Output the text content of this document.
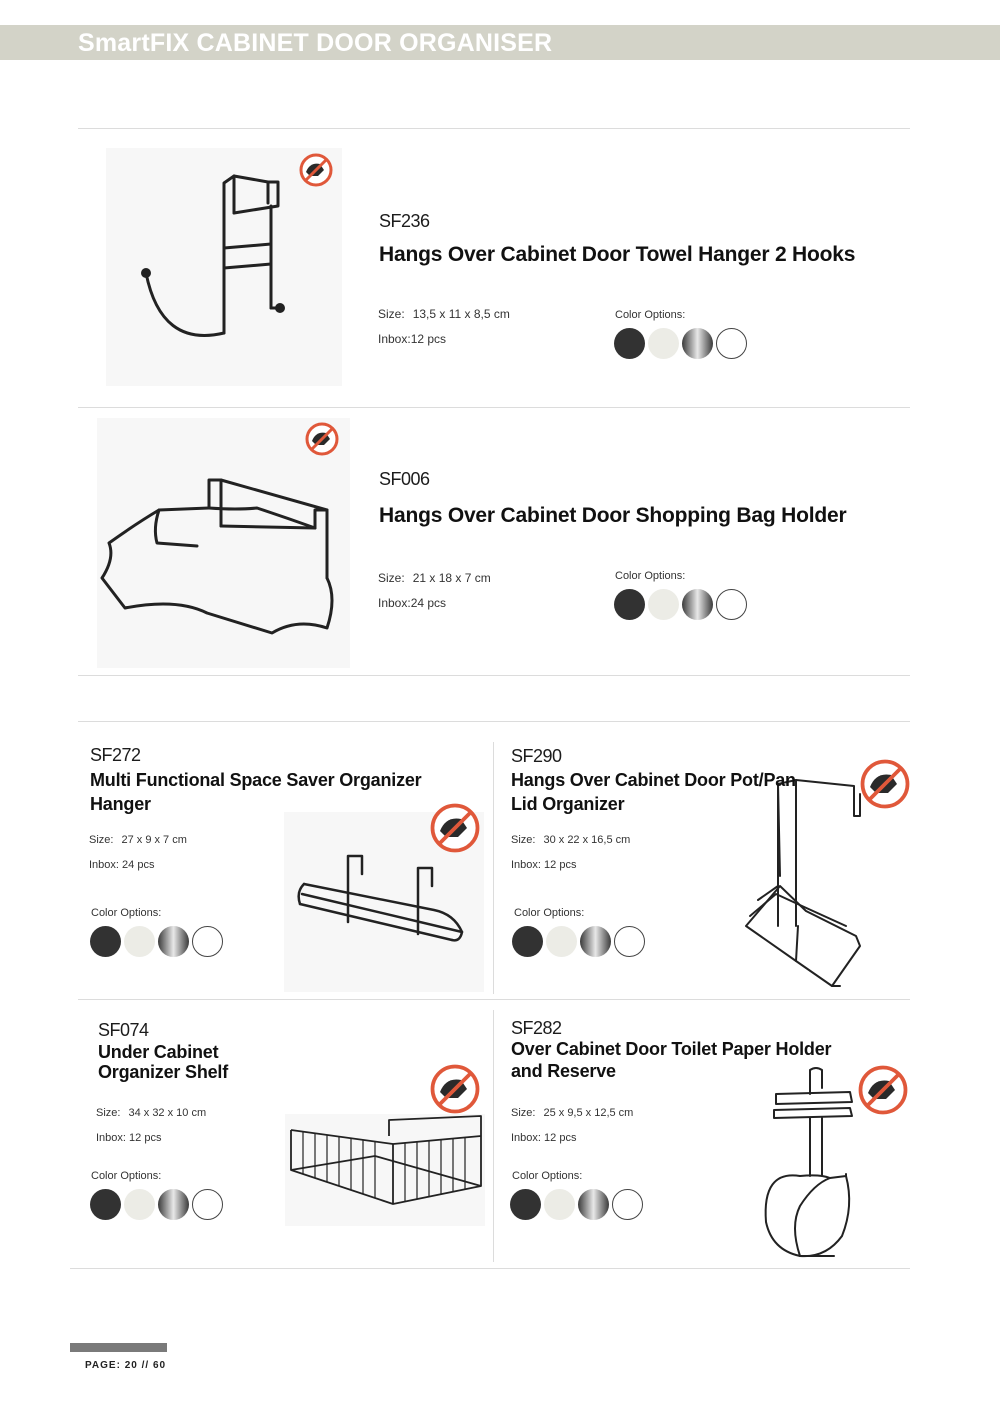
SmartFIX CABINET DOOR ORGANISER
SF236
Hangs Over Cabinet Door Towel Hanger 2 Hooks
Size: 13,5 x 11 x 8,5 cm
Inbox:12 pcs
Color Options:
SF006
Hangs Over Cabinet Door Shopping Bag Holder
Size: 21 x 18 x 7 cm
Inbox:24 pcs
Color Options:
SF272
Multi Functional Space Saver Organizer
Hanger
Size: 27 x 9 x 7 cm
Inbox: 24 pcs
Color Options:
SF290
Hangs Over Cabinet Door Pot/Pan
Lid Organizer
Size: 30 x 22 x 16,5 cm
Inbox: 12 pcs
Color Options:
SF074
Under Cabinet
Organizer Shelf
Size: 34 x 32 x 10 cm
Inbox: 12 pcs
Color Options:
SF282
Over Cabinet Door Toilet Paper Holder
and Reserve
Size: 25 x 9,5 x 12,5 cm
Inbox: 12 pcs
Color Options:
PAGE: 20 // 60
